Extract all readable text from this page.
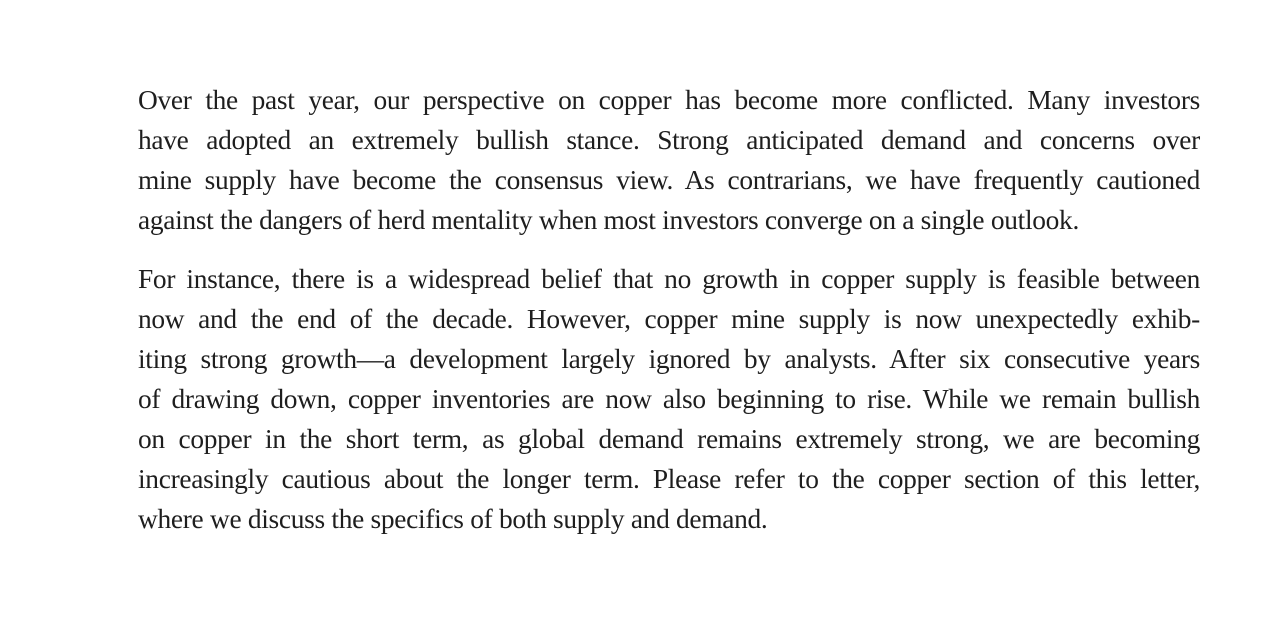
Over the past year, our perspective on copper has become more conflicted. Many investors
have adopted an extremely bullish stance. Strong anticipated demand and concerns over
mine supply have become the consensus view. As contrarians, we have frequently cautioned
against the dangers of herd mentality when most investors converge on a single outlook.
For instance, there is a widespread belief that no growth in copper supply is feasible between
now and the end of the decade. However, copper mine supply is now unexpectedly exhib-
iting strong growth—a development largely ignored by analysts. After six consecutive years
of drawing down, copper inventories are now also beginning to rise. While we remain bullish
on copper in the short term, as global demand remains extremely strong, we are becoming
increasingly cautious about the longer term. Please refer to the copper section of this letter,
where we discuss the specifics of both supply and demand.
